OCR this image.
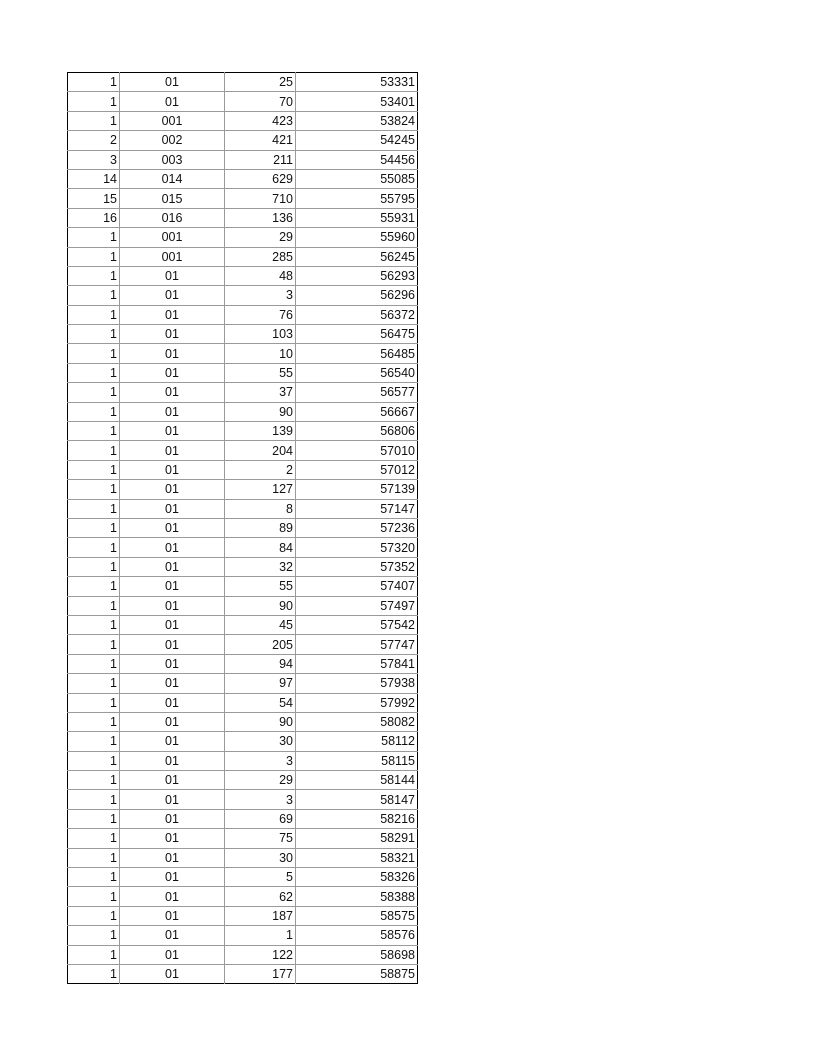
1	01	25	53331
1	01	70	53401
1	001	423	53824
2	002	421	54245
3	003	211	54456
14	014	629	55085
15	015	710	55795
16	016	136	55931
1	001	29	55960
1	001	285	56245
1	01	48	56293
1	01	3	56296
1	01	76	56372
1	01	103	56475
1	01	10	56485
1	01	55	56540
1	01	37	56577
1	01	90	56667
1	01	139	56806
1	01	204	57010
1	01	2	57012
1	01	127	57139
1	01	8	57147
1	01	89	57236
1	01	84	57320
1	01	32	57352
1	01	55	57407
1	01	90	57497
1	01	45	57542
1	01	205	57747
1	01	94	57841
1	01	97	57938
1	01	54	57992
1	01	90	58082
1	01	30	58112
1	01	3	58115
1	01	29	58144
1	01	3	58147
1	01	69	58216
1	01	75	58291
1	01	30	58321
1	01	5	58326
1	01	62	58388
1	01	187	58575
1	01	1	58576
1	01	122	58698
1	01	177	58875
